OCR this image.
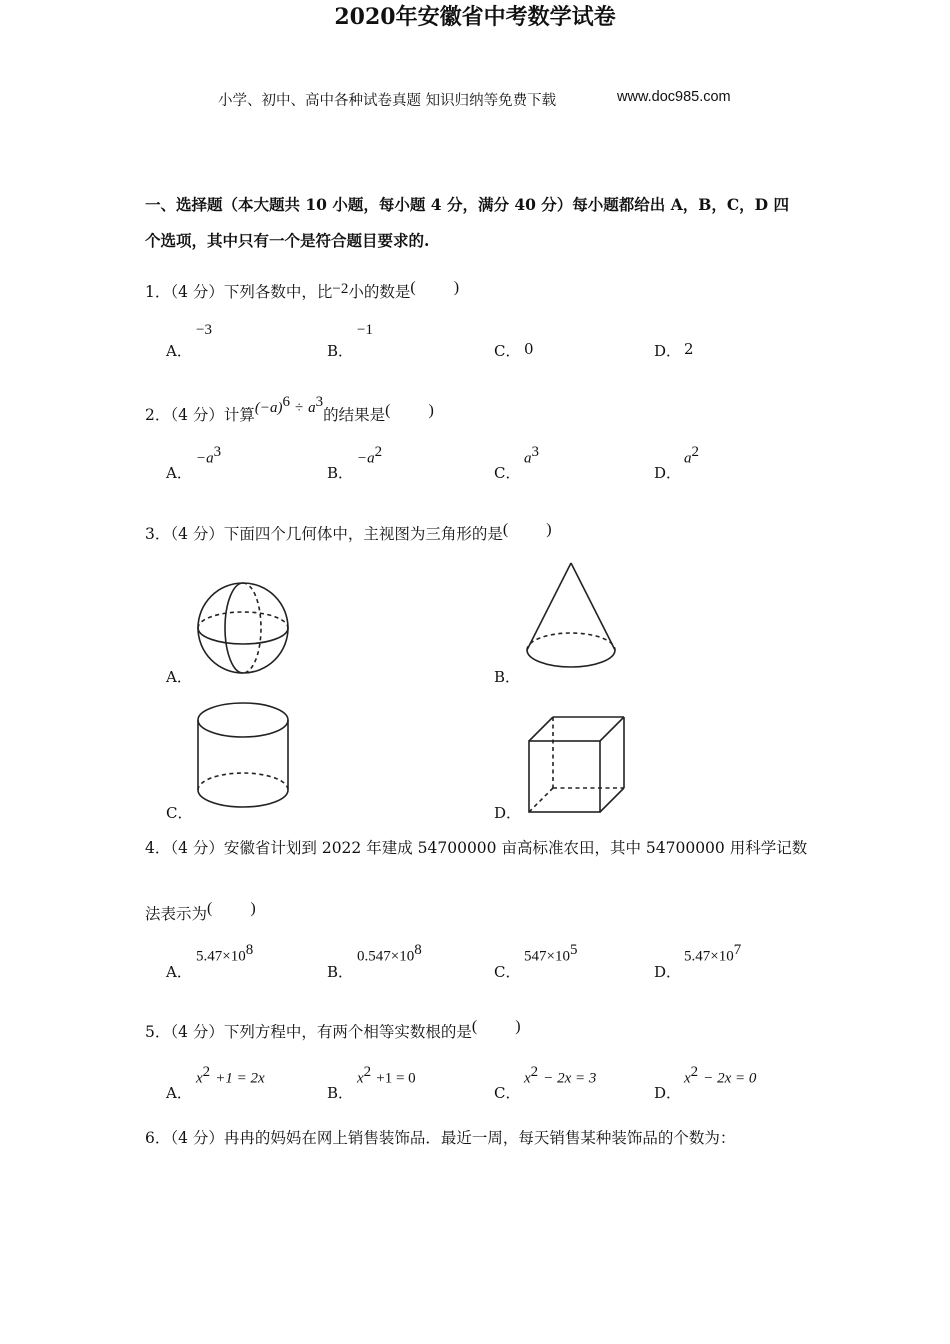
小学、初中、高中各种试卷真题 知识归纳等免费下载	www.doc985.com
2020年安徽省中考数学试卷
一、选择题（本大题共 10 小题，每小题 4 分，满分 40 分）每小题都给出 A，B，C，D 四
个选项，其中只有一个是符合题目要求的.
1．（4 分）下列各数中，比−2小的数是( )
A．
−3
B．
−1
C． 0	D． 2
2．（4 分）计算$(-a)^6 \div a^3$的结果是( )
A．
$-a^3$
B．
$-a^2$
C．
$a^3$
D．
$a^2$
3．（4 分）下面四个几何体中，主视图为三角形的是( )
A．	B．
C．	D．
4．（4 分）安徽省计划到 2022 年建成 54700000 亩高标准农田，其中 54700000 用科学记数
法表示为( )
A．
$5.47\times 10^8$
B．
$0.547\times 10^8$
C．
$547\times 10^5$
D．
$5.47\times 10^7$
5．（4 分）下列方程中，有两个相等实数根的是( )
A．
$x^2 +1 = 2x$
B．
$x^2 +1 = 0$
C．
$x^2 - 2x = 3$
D．
$x^2 - 2x = 0$
6．（4 分）冉冉的妈妈在网上销售装饰品．最近一周，每天销售某种装饰品的个数为：
